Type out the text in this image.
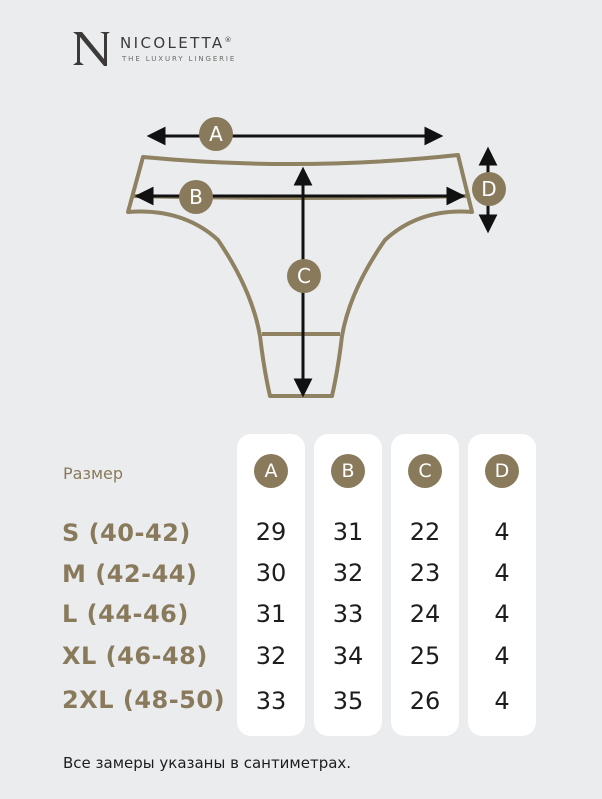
NICOLETTA®
THE LUXURY LINGERIE
A
B
C
D
Размер
S (40-42)
M (42-44)
L (44-46)
XL (46-48)
2XL (48-50)
A
29
30
31
32
33
B
31
32
33
34
35
C
22
23
24
25
26
D
4
4
4
4
4
Все замеры указаны в сантиметрах.
